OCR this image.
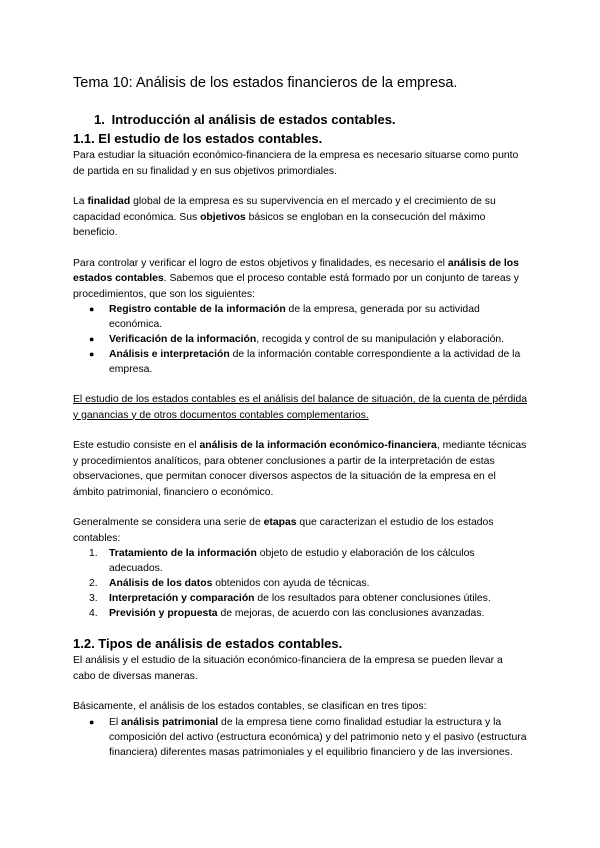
Tema 10: Análisis de los estados financieros de la empresa.
1. Introducción al análisis de estados contables.
1.1. El estudio de los estados contables.

Para estudiar la situación económico-financiera de la empresa es necesario situarse como punto de partida en su finalidad y en sus objetivos primordiales.

La finalidad global de la empresa es su supervivencia en el mercado y el crecimiento de su capacidad económica. Sus objetivos básicos se engloban en la consecución del máximo beneficio.

Para controlar y verificar el logro de estos objetivos y finalidades, es necesario el análisis de los estados contables. Sabemos que el proceso contable está formado por un conjunto de tareas y procedimientos, que son los siguientes:

● Registro contable de la información de la empresa, generada por su actividad económica.
● Verificación de la información, recogida y control de su manipulación y elaboración.
● Análisis e interpretación de la información contable correspondiente a la actividad de la empresa.

El estudio de los estados contables es el análisis del balance de situación, de la cuenta de pérdida y ganancias y de otros documentos contables complementarios.

Este estudio consiste en el análisis de la información económico-financiera, mediante técnicas y procedimientos analíticos, para obtener conclusiones a partir de la interpretación de estas observaciones, que permitan conocer diversos aspectos de la situación de la empresa en el ámbito patrimonial, financiero o económico.

Generalmente se considera una serie de etapas que caracterizan el estudio de los estados contables:

1. Tratamiento de la información objeto de estudio y elaboración de los cálculos adecuados.
2. Análisis de los datos obtenidos con ayuda de técnicas.
3. Interpretación y comparación de los resultados para obtener conclusiones útiles.
4. Previsión y propuesta de mejoras, de acuerdo con las conclusiones avanzadas.
1.2. Tipos de análisis de estados contables.

El análisis y el estudio de la situación económico-financiera de la empresa se pueden llevar a cabo de diversas maneras.

Básicamente, el análisis de los estados contables, se clasifican en tres tipos:

● El análisis patrimonial de la empresa tiene como finalidad estudiar la estructura y la composición del activo (estructura económica) y del patrimonio neto y el pasivo (estructura financiera) diferentes masas patrimoniales y el equilibrio financiero y de las inversiones.
